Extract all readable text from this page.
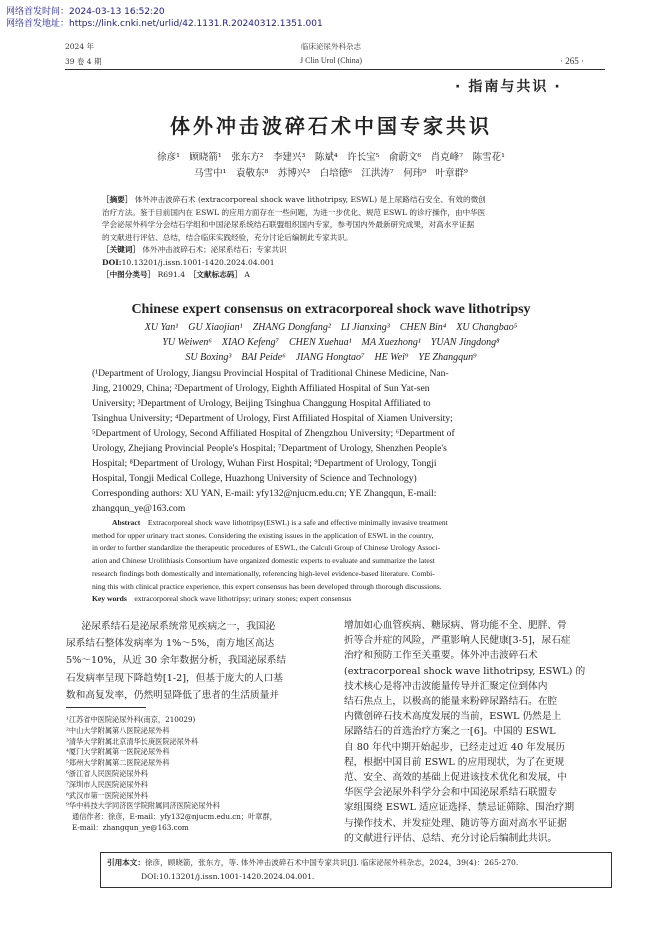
网络首发时间：2024-03-13 16:52:20
网络首发地址：https://link.cnki.net/urlid/42.1131.R.20240312.1351.001
2024 年
39 卷 4 期
临床泌尿外科杂志
J Clin Urol (China)	· 265 ·
· 指南与共识 ·
体外冲击波碎石术中国专家共识
徐彦¹　顾晓箭¹　张东方²　李建兴³　陈斌⁴　许长宝⁵　俞蔚文⁶　肖克峰⁷　陈雪花¹
马雪中¹　袁敬东⁸　苏博兴³　白培德⁶　江洪涛⁷　何玮⁹　叶章群⁹
［摘要］ 体外冲击波碎石术 (extracorporeal shock wave lithotripsy, ESWL) 是上尿路结石安全、有效的微创
治疗方法。鉴于目前国内在 ESWL 的应用方面存在一些问题，为进一步优化、规范 ESWL 的诊疗操作，由中华医
学会泌尿外科学分会结石学组和中国泌尿系统结石联盟组织国内专家，参考国内外最新研究成果，对高水平证据
的文献进行评估、总结，结合临床实践经验，充分讨论后编制此专家共识。
［关键词］ 体外冲击波碎石术；泌尿系结石；专家共识
DOI:10.13201/j.issn.1001-1420.2024.04.001
［中图分类号］ R691.4　 ［文献标志码］ A
Chinese expert consensus on extracorporeal shock wave lithotripsy
XU Yan¹　GU Xiaojian¹　ZHANG Dongfang²　LI Jianxing³　CHEN Bin⁴　XU Changbao⁵
YU Weiwen⁶　XIAO Kefeng⁷　CHEN Xuehua¹　MA Xuezhong¹　YUAN Jingdong⁸
SU Boxing³　BAI Peide⁶　JIANG Hongtao⁷　HE Wei⁹　YE Zhangqun⁹
(¹Department of Urology, Jiangsu Provincial Hospital of Traditional Chinese Medicine, Nan-
Jing, 210029, China; ²Department of Urology, Eighth Affiliated Hospital of Sun Yat-sen
University; ³Department of Urology, Beijing Tsinghua Changgung Hospital Affiliated to
Tsinghua University; ⁴Department of Urology, First Affiliated Hospital of Xiamen University;
⁵Department of Urology, Second Affiliated Hospital of Zhengzhou University; ⁶Department of
Urology, Zhejiang Provincial People's Hospital; ⁷Department of Urology, Shenzhen People's
Hospital; ⁸Department of Urology, Wuhan First Hospital; ⁹Department of Urology, Tongji
Hospital, Tongji Medical College, Huazhong University of Science and Technology)
Corresponding authors: XU YAN, E-mail: yfy132@njucm.edu.cn; YE Zhangqun, E-mail:
zhangqun_ye@163.com
Abstract　 Extracorporeal shock wave lithotripsy(ESWL) is a safe and effective minimally invasive treatment
method for upper urinary tract stones. Considering the existing issues in the application of ESWL in the country,
in order to further standardize the therapeutic procedures of ESWL, the Calculi Group of Chinese Urology Associ-
ation and Chinese Urolithiasis Consortium have organized domestic experts to evaluate and summarize the latest
research findings both domestically and internationally, referencing high-level evidence-based literature. Combi-
ning this with clinical practice experience, this expert consensus has been developed through thorough discussions.
Key words　 extracorporeal shock wave lithotripsy; urinary stones; expert consensus
泌尿系结石是泌尿系统常见疾病之一，我国泌
尿系结石整体发病率为 1%～5%，南方地区高达
5%～10%，从近 30 余年数据分析，我国泌尿系结
石发病率呈现下降趋势[1-2]，但基于庞大的人口基
数和高复发率，仍然明显降低了患者的生活质量并
¹江苏省中医院泌尿外科(南京，210029)
²中山大学附属第八医院泌尿外科
³清华大学附属北京清华长庚医院泌尿外科
⁴厦门大学附属第一医院泌尿外科
⁵郑州大学附属第二医院泌尿外科
⁶浙江省人民医院泌尿外科
⁷深圳市人民医院泌尿外科
⁸武汉市第一医院泌尿外科
⁹华中科技大学同济医学院附属同济医院泌尿外科
通信作者：徐彦，E-mail：yfy132@njucm.edu.cn；叶章群，
E-mail：zhangqun_ye@163.com
增加如心血管疾病、糖尿病、肾功能不全、肥胖、骨
折等合并症的风险，严重影响人民健康[3-5]，尿石症
治疗和预防工作至关重要。体外冲击波碎石术
(extracorporeal shock wave lithotripsy, ESWL) 的
技术核心是将冲击波能量传导并汇聚定位到体内
结石焦点上，以极高的能量来粉碎尿路结石。在腔
内微创碎石技术高度发展的当前，ESWL 仍然是上
尿路结石的首选治疗方案之一[6]。中国的 ESWL
自 80 年代中期开始起步，已经走过近 40 年发展历
程，根据中国目前 ESWL 的应用现状，为了在更规
范、安全、高效的基础上促进该技术优化和发展，中
华医学会泌尿外科学分会和中国泌尿系结石联盟专
家组围绕 ESWL 适应证选择、禁忌证筛除、围治疗期
与操作技术、并发症处理、随访等方面对高水平证据
的文献进行评估、总结、充分讨论后编制此共识。
引用本文：徐彦，顾晓箭，张东方，等. 体外冲击波碎石术中国专家共识[J]. 临床泌尿外科杂志，2024，39(4)：265-270.
DOI:10.13201/j.issn.1001-1420.2024.04.001.
